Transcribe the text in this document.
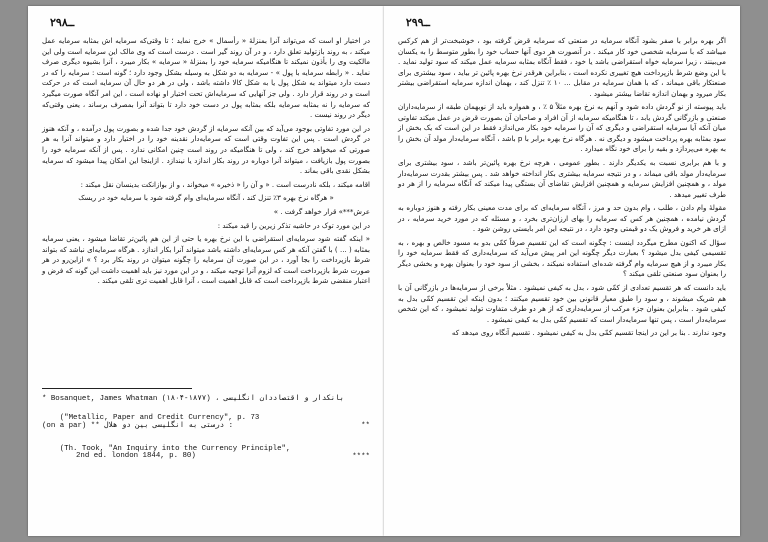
۲۹۸ــ

در اختیار او است که می‌تواند آنرا بمنزلۀ « رأسمال » خرج نماید ؛ تا وقتی‌که سرمایه اش بمثابه سرمایه عمل میکند ، به روند بازتولید تعلق دارد ، و در آن روند گیر است . درست است که وی مالک این سرمایه است ولی این مالکیت وی را بأذون نمیکند تا هنگامیکه سرمایه خود را بمنزلۀ « سرمایه » بکار میبرد ، آنرا بشیوه دیگری صرف نماید . « رابطه سرمایه با پول » - سرمایه به دو شکل به وسیله بشکل وجود دارد ؛ گونه است : سرمایه را که در دست دارد میتواند به شکل پول یا به شکل کالا داشته باشد ، ولی در هر دو حال آن سرمایه است که در حرکت است و در روند قرار دارد . ولی جز آنهایی که سرمایه‌اش تحت اختیار او نهاده است ، این امر آنگاه صورت میگیرد که سرمایه را نه بمثابه سرمایه بلکه بمثابه پول در دست خود دارد تا بتواند آنرا بمصرف برساند ، یعنی وقتی‌که دیگر در روند نیست .

در این مورد تفاوتی بوجود می‌آید که بین آنکه سرمایه از گردش خود جدا شده و بصورت پول درآمده ، و آنکه هنوز در گردش است . پس این تفاوت وقتی است که سرمایه‌دار نقدینه خود را در اختیار دارد و میتواند آنرا به هر صورتی که میخواهد خرج کند ، ولی تا هنگامیکه در روند است چنین امکانی ندارد . پس از آنکه سرمایه خود را بصورت پول بازیافت ، میتواند آنرا دوباره در روند بکار اندازد یا نیندازد . ازاینجا این امکان پیدا میشود که سرمایه بشکل نقدی باقی بماند .

اقامه میکند ، بلکه نادرست است . « و آن را « ذخیره » میخواند ، و از بوازانکت بدینسان نقل میکند :

« هرگاه نرخ بهره ۳٪ تنزل کند ، آنگاه سرمایه‌ای وام گرفته شود با سرمایه خود در ریسک

عرش***» قرار خواهد گرفت . »

در این مورد توک در حاشیه تذکر زیرین را قید میکند :

« اینکه گفته شود سرمایه‌ای استقراضی با این نرخ بهره یا حتی از این هم پائین‌تر تقاضا میشود ، یعنی سرمایه بمثابه ( ... ) با گفتن آنکه هر کس سرمایه‌ای داشته باشد میتواند آنرا بکار اندازد . هرگاه سرمایه‌ای نباشد که بتواند شرط بازپرداخت را بجا آورد ، در این صورت آن سرمایه را چگونه میتوان در روند بکار برد ؟ » ازاین‌رو در هر صورت شرط بازپرداخت است که لزوم آنرا توجیه میکند ، و در این مورد نیز باید اهمیت داشت این گونه که فرض و اعتبار منقضی شرط بازپرداخت است که قابل اهمیت است ، آنرا قابل اهمیت تری تلقی میکند .

* Bosanquet, James Whatman (۱۸۰۴-۱۸۷۷) ، بانکدار و اقتصاددان انگلیسی

("Metallic, Paper and Credit Currency", p. 73

**

(on a par) ** درستی به انگلیسی بین دو هلال :

(Th. Took, "An Inquiry into the Currency Principle",

****

2nd ed. london 1844, p. 80)
۲۹۹ــ

اگر بهره برابر با صفر بشود آنگاه سرمایه در صنعتی که سرمایه قرض گرفته بود ، خوشبخت‌تر از هم کرکس میباشد که با سرمایه شخصی خود کار میکند . در آنصورت هر دوی آنها حساب خود را بطور متوسط را به یکسان می‌بینند ، زیرا سرمایه خواه استقراضی باشد یا خود ، فقط آنگاه بمثابه سرمایه عمل میکند که سود تولید نماید . با این وضع شرط بازپرداخت هیچ تغییری نکرده است ، بنابراین هرقدر نرخ بهره پائین تر بیاید ، سود بیشتری برای صنعتکار باقی میماند ، که با همان سرمایه در مقابل ... ۱۰ ٪ تنزل کند ، بهمان اندازه سرمایه استقراضی بیشتر بکار میرود و بهمان اندازه تقاضا بیشتر میشود .

باید پیوسته از نو گردش داده شود و آنهم به نرخ بهره مثلاً ۵ ٪ ، و همواره باید از نوبهمان طبقه از سرمایه‌داران صنعتی و بازرگانی گردش یابد ، تا هنگامیکه سرمایه از آن افراد و صاحبان آن بصورت قرض در عمل میکند تفاوتی میان آنکه آیا سرمایه استقراضی و دیگری که آن را سرمایه خود بکار می‌اندازد فقط در این است که یک بخش از سود بمثابه بهره پرداخت میشود و دیگری نه . هرگاه نرخ بهره برابر با p باشد ، آنگاه سرمایه‌دار مولد آن بخش را به بهره می‌پردازد و بقیه را برای خود نگاه میدارد .

و با هم برابری نسبت به یکدیگر دارند . بطور عمومی ، هرچه نرخ بهره پائین‌تر باشد ، سود بیشتری برای سرمایه‌دار مولد باقی میماند ، و در نتیجه سرمایه بیشتری بکار انداخته خواهد شد . پس بیشتر بقدرت سرمایه‌دار مولد ، و همچنین افزایش سرمایه و همچنین افزایش تقاضای آن بستگی پیدا میکند که آنگاه سرمایه را از هر دو طرف تغییر میدهد .

مقولۀ وام دادن ، طلب ، وام بدون حد و مرز ، آنگاه سرمایه‌ای که برای مدت معینی بکار رفته و هنوز دوباره به گردش نیامده ، همچنین هر کس که سرمایه را بهای ارزان‌تری بخرد ، و مسئله که در مورد خرید سرمایه ، در ازای هر خرید و فروش یک دو قیمتی وجود دارد ، در نتیجه این امر بایستی روشن شود .

سؤال که اکنون مطرح میگردد اینست : چگونه است که این تقسیم صرفاً کمّی بدو به مسود خالص و بهره ، به تقسیمی کیفی بدل میشود ؟ بعبارت دیگر چگونه این امر پیش می‌آید که سرمایه‌داری که فقط سرمایه خود را بکار میبرد و از هیچ سرمایه وام گرفته شده‌ای استفاده نمیکند ، بخشی از سود خود را بعنوان بهره و بخشی دیگر را بعنوان سود صنعتی تلقی میکند ؟

باید دانست که هر تقسیم تعدادی از کمّی شود ، بدل به کیفی نمیشود . مثلاً برخی از سرمایه‌ها در بازرگانی آن با هم شریک میشوند ، و سود را طبق معیار قانونی بین خود تقسیم میکنند ؛ بدون اینکه این تقسیم کمّی بدل به کیفی شود . بنابراین بعنوان جزء مرکب از سرمایه‌داری که از هر دو طرف متفاوت تولید نمیشود ، که این شخص سرمایه‌دار است ، پس تنها سرمایه‌دار است که تقسیم کمّی بدل به کیفی نمیشود .

وجود ندارند . بنا بر این در اینجا تقسیم کمّی بدل به کیفی نمیشود . تقسیم آنگاه روی میدهد که
